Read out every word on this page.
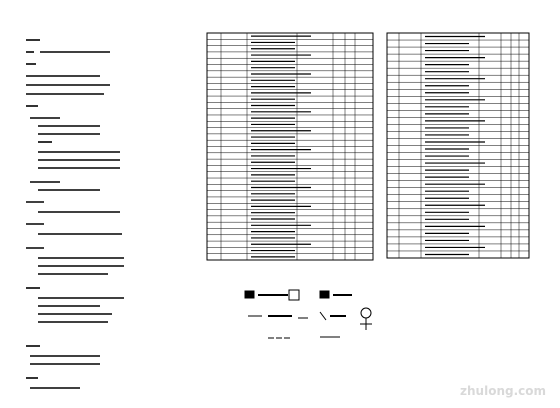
zhulong.com
